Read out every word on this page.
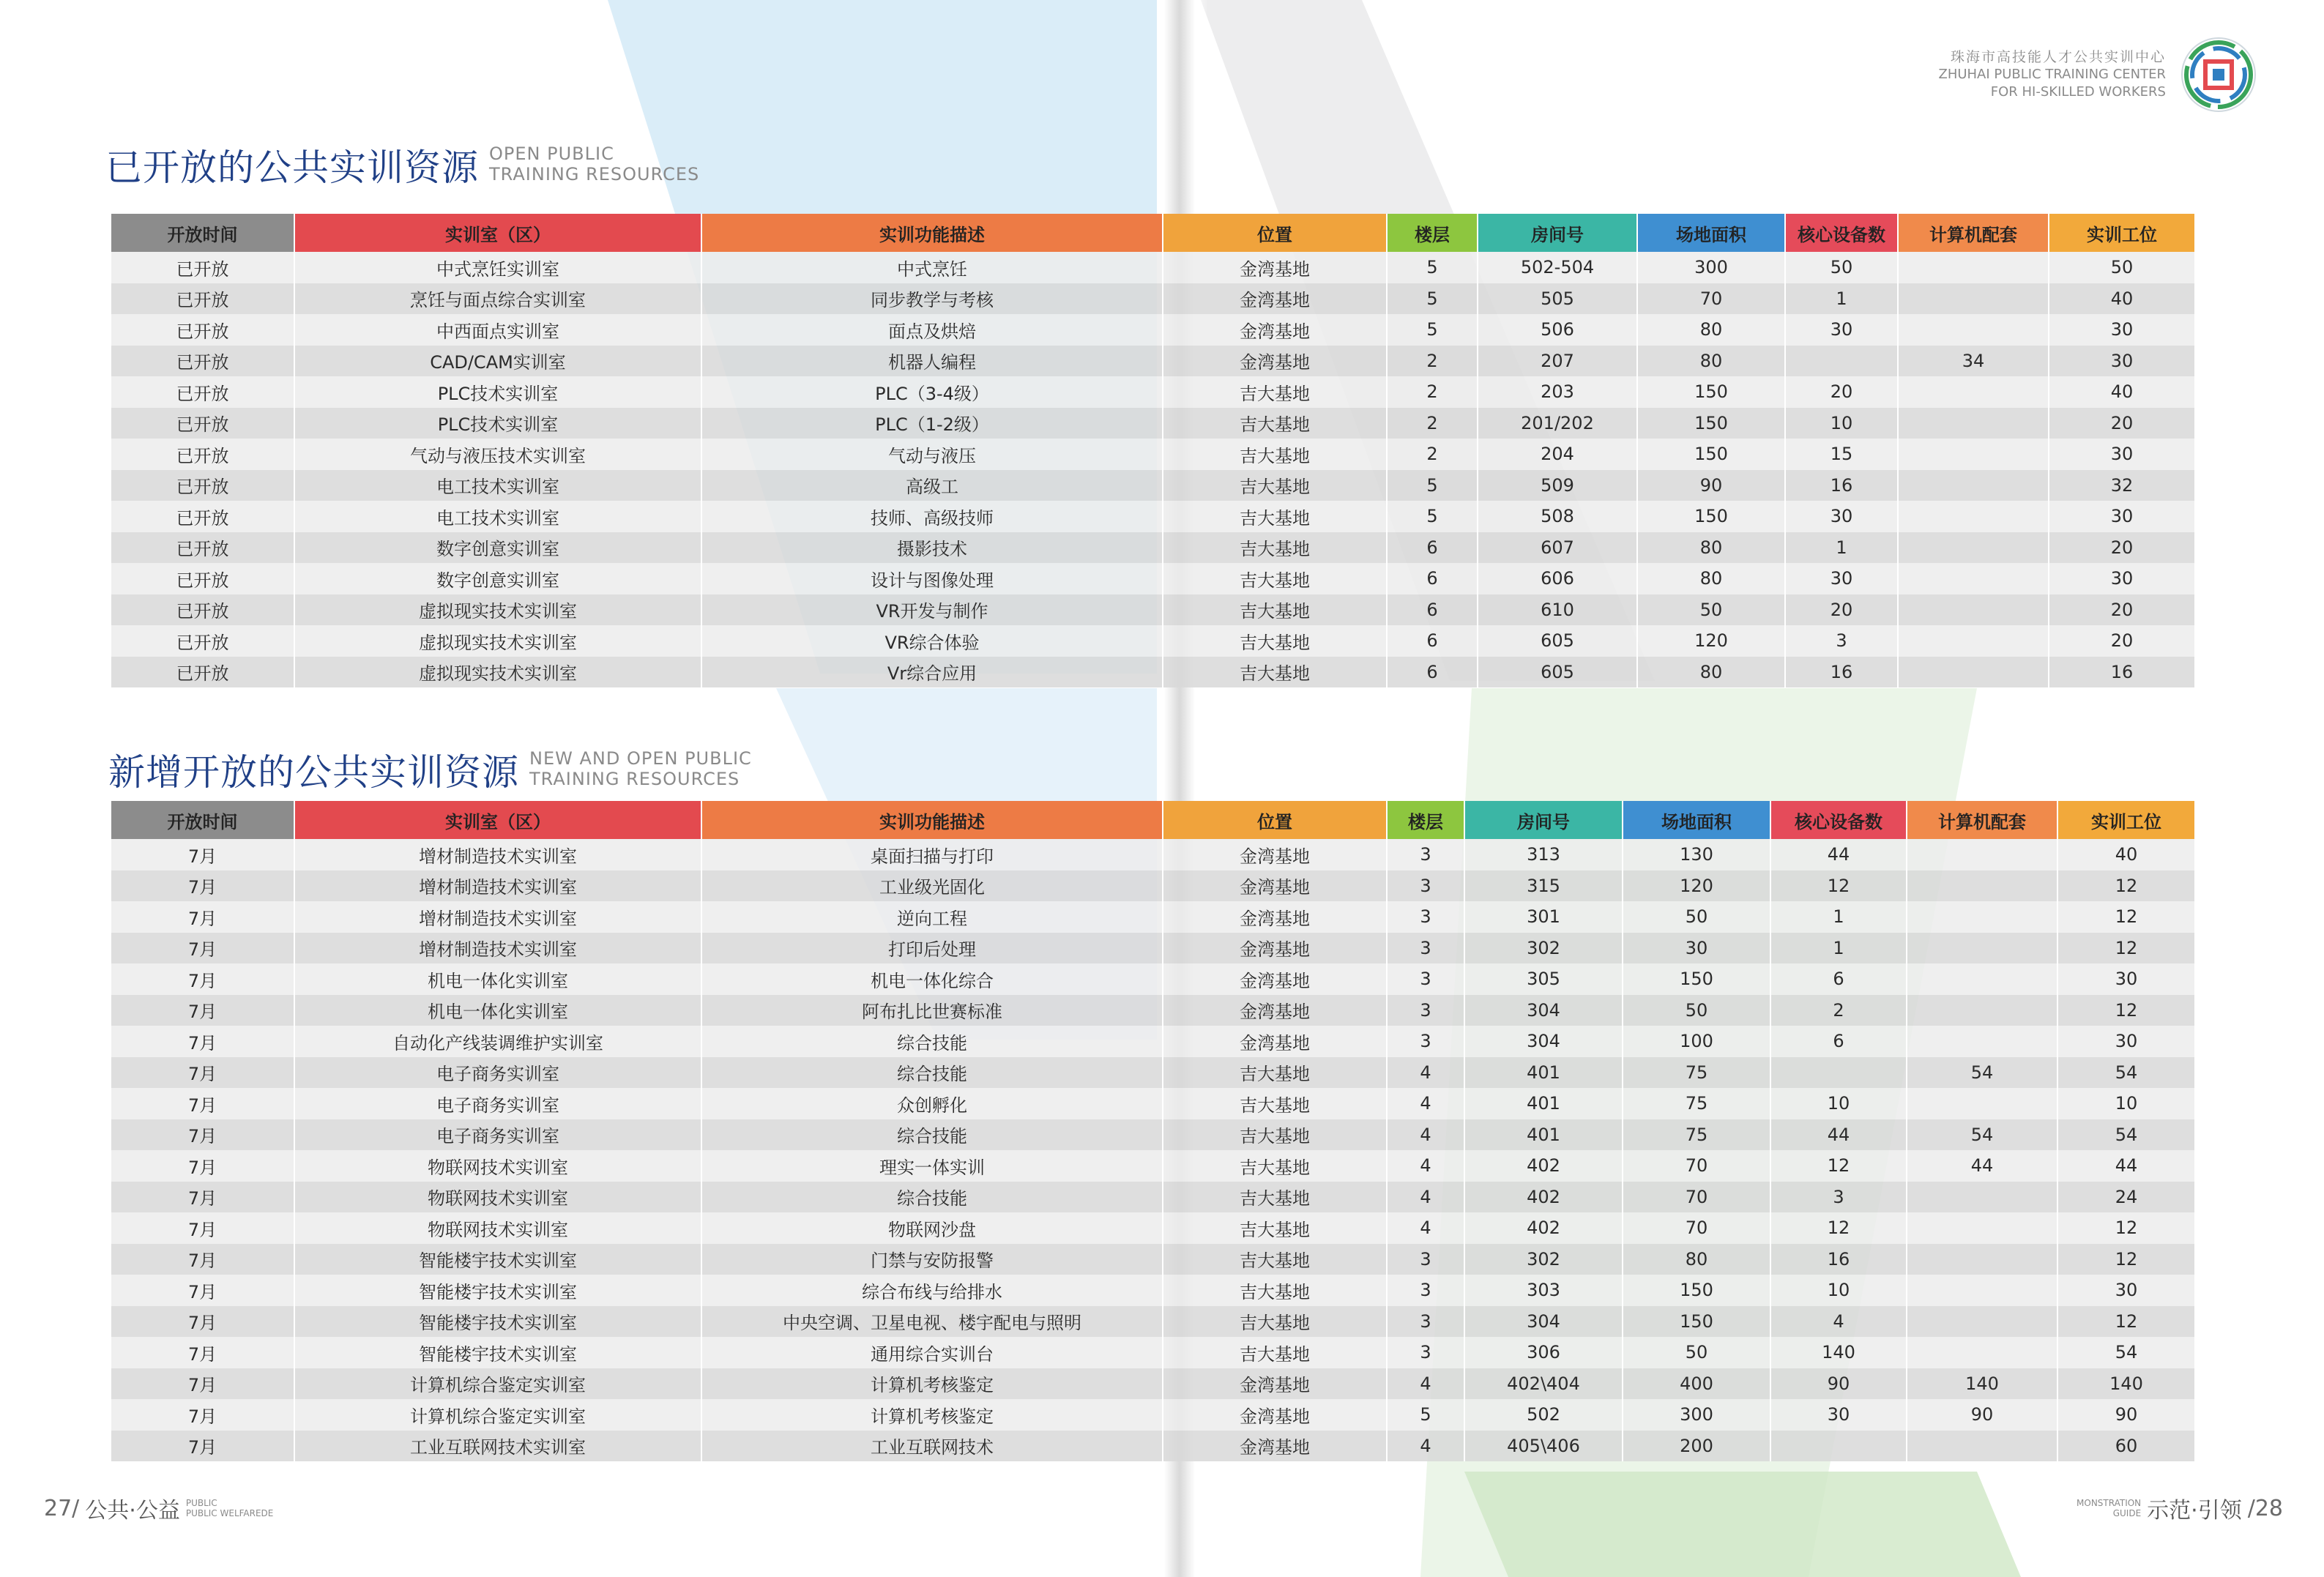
珠海市高技能人才公共实训中心
ZHUHAI PUBLIC TRAINING CENTER
FOR HI-SKILLED WORKERS
已开放的公共实训资源 OPEN PUBLIC
TRAINING RESOURCES
开放时间	实训室（区）	实训功能描述	位置	楼层	房间号	场地面积	核心设备数	计算机配套	实训工位
已开放	中式烹饪实训室	中式烹饪	金湾基地	5	502-504	300	50		50
已开放	烹饪与面点综合实训室	同步教学与考核	金湾基地	5	505	70	1		40
已开放	中西面点实训室	面点及烘焙	金湾基地	5	506	80	30		30
已开放	CAD/CAM实训室	机器人编程	金湾基地	2	207	80		34	30
已开放	PLC技术实训室	PLC（3-4级）	吉大基地	2	203	150	20		40
已开放	PLC技术实训室	PLC（1-2级）	吉大基地	2	201/202	150	10		20
已开放	气动与液压技术实训室	气动与液压	吉大基地	2	204	150	15		30
已开放	电工技术实训室	高级工	吉大基地	5	509	90	16		32
已开放	电工技术实训室	技师、高级技师	吉大基地	5	508	150	30		30
已开放	数字创意实训室	摄影技术	吉大基地	6	607	80	1		20
已开放	数字创意实训室	设计与图像处理	吉大基地	6	606	80	30		30
已开放	虚拟现实技术实训室	VR开发与制作	吉大基地	6	610	50	20		20
已开放	虚拟现实技术实训室	VR综合体验	吉大基地	6	605	120	3		20
已开放	虚拟现实技术实训室	Vr综合应用	吉大基地	6	605	80	16		16
新增开放的公共实训资源 NEW AND OPEN PUBLIC
TRAINING RESOURCES
开放时间	实训室（区）	实训功能描述	位置	楼层	房间号	场地面积	核心设备数	计算机配套	实训工位
7月	增材制造技术实训室	桌面扫描与打印	金湾基地	3	313	130	44		40
7月	增材制造技术实训室	工业级光固化	金湾基地	3	315	120	12		12
7月	增材制造技术实训室	逆向工程	金湾基地	3	301	50	1		12
7月	增材制造技术实训室	打印后处理	金湾基地	3	302	30	1		12
7月	机电一体化实训室	机电一体化综合	金湾基地	3	305	150	6		30
7月	机电一体化实训室	阿布扎比世赛标准	金湾基地	3	304	50	2		12
7月	自动化产线装调维护实训室	综合技能	金湾基地	3	304	100	6		30
7月	电子商务实训室	综合技能	吉大基地	4	401	75		54	54
7月	电子商务实训室	众创孵化	吉大基地	4	401	75	10		10
7月	电子商务实训室	综合技能	吉大基地	4	401	75	44	54	54
7月	物联网技术实训室	理实一体实训	吉大基地	4	402	70	12	44	44
7月	物联网技术实训室	综合技能	吉大基地	4	402	70	3		24
7月	物联网技术实训室	物联网沙盘	吉大基地	4	402	70	12		12
7月	智能楼宇技术实训室	门禁与安防报警	吉大基地	3	302	80	16		12
7月	智能楼宇技术实训室	综合布线与给排水	吉大基地	3	303	150	10		30
7月	智能楼宇技术实训室	中央空调、卫星电视、楼宇配电与照明	吉大基地	3	304	150	4		12
7月	智能楼宇技术实训室	通用综合实训台	吉大基地	3	306	50	140		54
7月	计算机综合鉴定实训室	计算机考核鉴定	金湾基地	4	402\404	400	90	140	140
7月	计算机综合鉴定实训室	计算机考核鉴定	金湾基地	5	502	300	30	90	90
7月	工业互联网技术实训室	工业互联网技术	金湾基地	4	405\406	200			60
27/ 公共·公益 PUBLIC
PUBLIC WELFAREDE
MONSTRATION
GUIDE 示范·引领 /28
